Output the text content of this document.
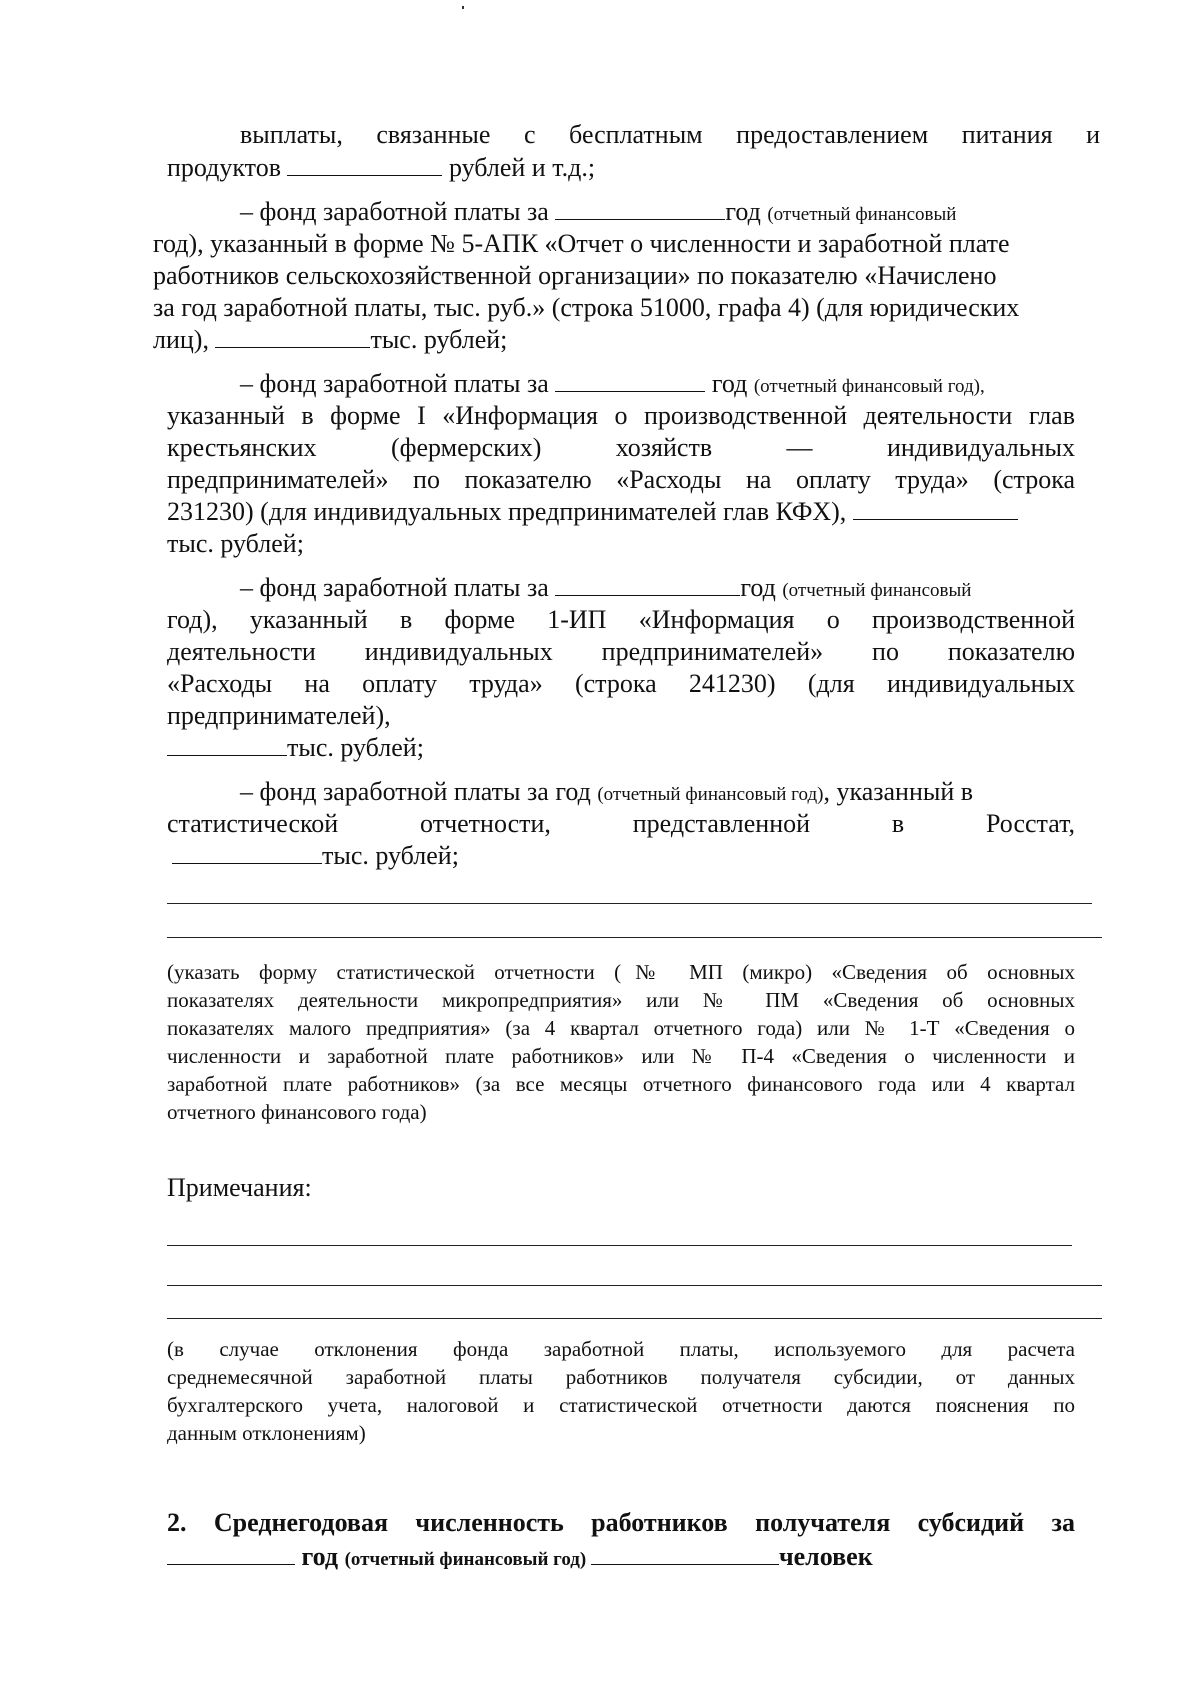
выплаты, связанные с бесплатным предоставлением питания и
продуктов	рублей и т.д.;
– фонд заработной платы за	год (отчетный финансовый
год), указанный в форме № 5-АПК «Отчет о численности и заработной плате
работников сельскохозяйственной организации» по показателю «Начислено
за год заработной платы, тыс. руб.» (строка 51000, графа 4) (для юридических
лиц),	тыс. рублей;
– фонд заработной платы за	год (отчетный финансовый год),
указанный в форме I «Информация о производственной деятельности глав
крестьянских (фермерских) хозяйств — индивидуальных
предпринимателей» по показателю «Расходы на оплату труда» (строка
231230) (для индивидуальных предпринимателей глав КФХ),
тыс. рублей;
– фонд заработной платы за	год (отчетный финансовый
год), указанный в форме 1-ИП «Информация о производственной
деятельности индивидуальных предпринимателей» по показателю
«Расходы на оплату труда» (строка 241230) (для индивидуальных
предпринимателей),
тыс. рублей;
– фонд заработной платы за год (отчетный финансовый год), указанный в
статистической отчетности, представленной в Росстат,
тыс. рублей;
(указать форму статистической отчетности (№ МП (микро) «Сведения об основных
показателях деятельности микропредприятия» или № ПМ «Сведения об основных
показателях малого предприятия» (за 4 квартал отчетного года) или № 1-Т «Сведения о
численности и заработной плате работников» или № П-4 «Сведения о численности и
заработной плате работников» (за все месяцы отчетного финансового года или 4 квартал
отчетного финансового года)
Примечания:
(в случае отклонения фонда заработной платы, используемого для расчета
среднемесячной заработной платы работников получателя субсидии, от данных
бухгалтерского учета, налоговой и статистической отчетности даются пояснения по
данным отклонениям)
2. Среднегодовая численность работников получателя субсидий за
год (отчетный финансовый год)	человек
